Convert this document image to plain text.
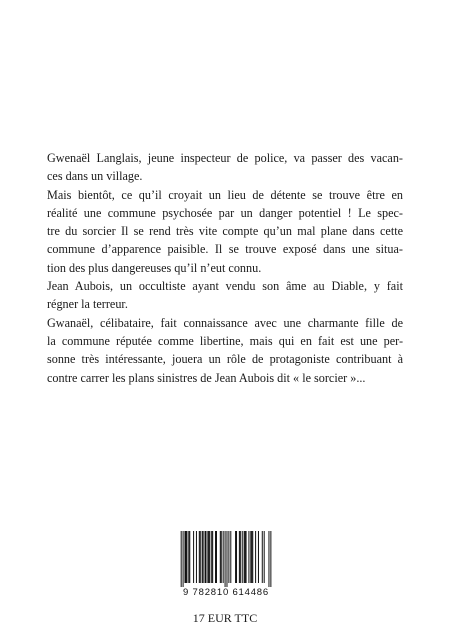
Gwenaël Langlais, jeune inspecteur de police, va passer des vacan-
ces dans un village.

Mais bientôt, ce qu’il croyait un lieu de détente se trouve être en
réalité une commune psychosée par un danger potentiel ! Le spec-
tre du sorcier Il se rend très vite compte qu’un mal plane dans cette
commune d’apparence paisible. Il se trouve exposé dans une situa-
tion des plus dangereuses qu’il n’eut connu.

Jean Aubois, un occultiste ayant vendu son âme au Diable, y fait
régner la terreur.

Gwanaël, célibataire, fait connaissance avec une charmante fille de
la commune réputée comme libertine, mais qui en fait est une per-
sonne très intéressante, jouera un rôle de protagoniste contribuant à
contre carrer les plans sinistres de Jean Aubois dit « le sorcier »...

9 782810 614486
17 EUR TTC
